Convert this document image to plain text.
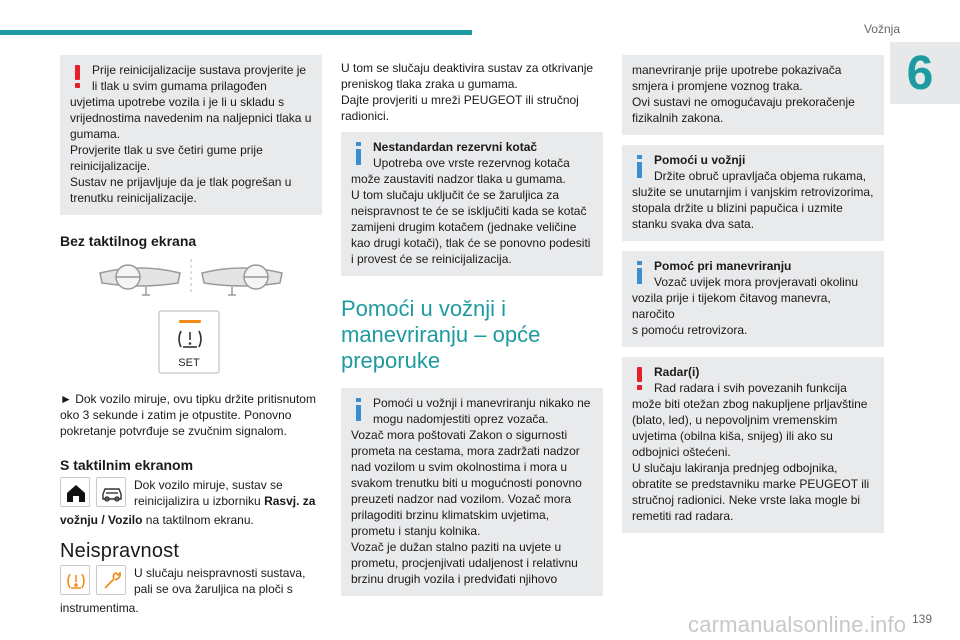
Vožnja
6

Prije reinicijalizacije sustava provjerite je

li tlak u svim gumama prilagođen

uvjetima upotrebe vozila i je li u skladu s

vrijednostima navedenim na naljepnici tlaka u

gumama.

Provjerite tlak u sve četiri gume prije

reinicijalizacije.

Sustav ne prijavljuje da je tlak pogrešan u

trenutku reinicijalizacije.

Bez taktilnog ekrana
SET

► Dok vozilo miruje, ovu tipku držite pritisnutom

oko 3 sekunde i zatim je otpustite. Ponovno

pokretanje potvrđuje se zvučnim signalom.

S taktilnim ekranom

Dok vozilo miruje, sustav se

reinicijalizira u izborniku Rasvj. za

vožnju / Vozilo na taktilnom ekranu.

Neispravnost

U slučaju neispravnosti sustava,

pali se ova žaruljica na ploči s

instrumentima.

U tom se slučaju deaktivira sustav za otkrivanje

preniskog tlaka zraka u gumama.

Dajte provjeriti u mreži PEUGEOT ili stručnoj

radionici.

Nestandardan rezervni kotač

Upotreba ove vrste rezervnog kotača

može zaustaviti nadzor tlaka u gumama.

U tom slučaju uključit će se žaruljica za

neispravnost te će se isključiti kada se kotač

zamijeni drugim kotačem (jednake veličine

kao drugi kotači), tlak će se ponovno podesiti

i provest će se reinicijalizacija.

Pomoći u vožnji i
manevriranju – opće
preporuke

Pomoći u vožnji i manevriranju nikako ne

mogu nadomjestiti oprez vozača.

Vozač mora poštovati Zakon o sigurnosti

prometa na cestama, mora zadržati nadzor

nad vozilom u svim okolnostima i mora u

svakom trenutku biti u mogućnosti ponovno

preuzeti nadzor nad vozilom. Vozač mora

prilagoditi brzinu klimatskim uvjetima,

prometu i stanju kolnika.

Vozač je dužan stalno paziti na uvjete u

prometu, procjenjivati udaljenost i relativnu

brzinu drugih vozila i predviđati njihovo

manevriranje prije upotrebe pokazivača

smjera i promjene voznog traka.

Ovi sustavi ne omogućavaju prekoračenje

fizikalnih zakona.

Pomoći u vožnji

Držite obruč upravljača objema rukama,

služite se unutarnjim i vanjskim retrovizorima,

stopala držite u blizini papučica i uzmite

stanku svaka dva sata.

Pomoć pri manevriranju

Vozač uvijek mora provjeravati okolinu

vozila prije i tijekom čitavog manevra, naročito

s pomoću retrovizora.

Radar(i)

Rad radara i svih povezanih funkcija

može biti otežan zbog nakupljene prljavštine

(blato, led), u nepovoljnim vremenskim

uvjetima (obilna kiša, snijeg) ili ako su

odbojnici oštećeni.

U slučaju lakiranja prednjeg odbojnika,

obratite se predstavniku marke PEUGEOT ili

stručnoj radionici. Neke vrste laka mogle bi

remetiti rad radara.

carmanualsonline.info 139
